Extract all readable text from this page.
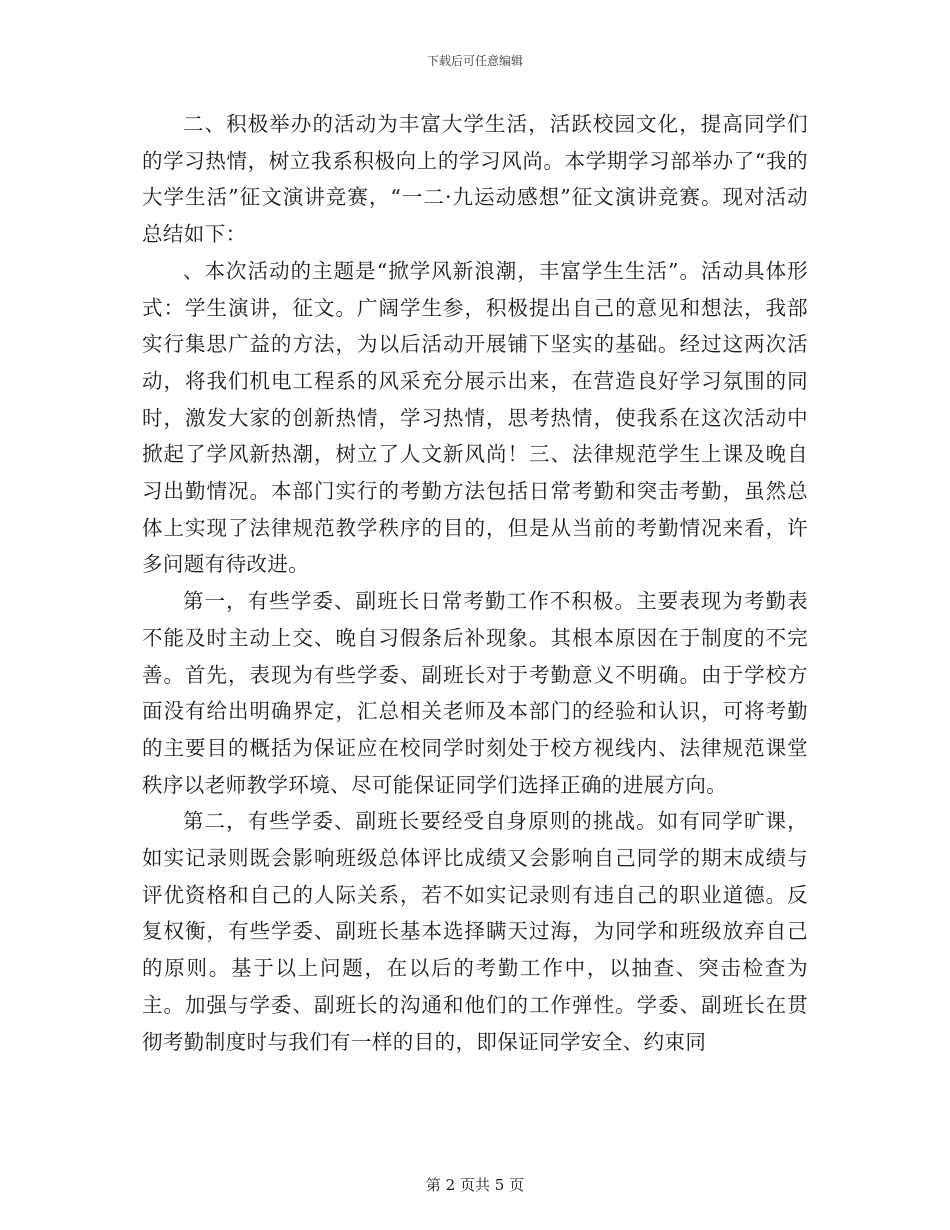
下载后可任意编辑

二、积极举办的活动为丰富大学生活，活跃校园文化，提高同学们的学习热情，树立我系积极向上的学习风尚。本学期学习部举办了“我的大学生活”征文演讲竞赛，“一二·九运动感想”征文演讲竞赛。现对活动总结如下：

、本次活动的主题是“掀学风新浪潮，丰富学生生活”。活动具体形式：学生演讲，征文。广阔学生参，积极提出自己的意见和想法，我部实行集思广益的方法，为以后活动开展铺下坚实的基础。经过这两次活动，将我们机电工程系的风采充分展示出来，在营造良好学习氛围的同时，激发大家的创新热情，学习热情，思考热情，使我系在这次活动中掀起了学风新热潮，树立了人文新风尚！三、法律规范学生上课及晚自习出勤情况。本部门实行的考勤方法包括日常考勤和突击考勤，虽然总体上实现了法律规范教学秩序的目的，但是从当前的考勤情况来看，许多问题有待改进。

第一，有些学委、副班长日常考勤工作不积极。主要表现为考勤表不能及时主动上交、晚自习假条后补现象。其根本原因在于制度的不完善。首先，表现为有些学委、副班长对于考勤意义不明确。由于学校方面没有给出明确界定，汇总相关老师及本部门的经验和认识，可将考勤的主要目的概括为保证应在校同学时刻处于校方视线内、法律规范课堂秩序以老师教学环境、尽可能保证同学们选择正确的进展方向。

第二，有些学委、副班长要经受自身原则的挑战。如有同学旷课，如实记录则既会影响班级总体评比成绩又会影响自己同学的期末成绩与评优资格和自己的人际关系，若不如实记录则有违自己的职业道德。反复权衡，有些学委、副班长基本选择瞒天过海，为同学和班级放弃自己的原则。基于以上问题，在以后的考勤工作中，以抽查、突击检查为主。加强与学委、副班长的沟通和他们的工作弹性。学委、副班长在贯彻考勤制度时与我们有一样的目的，即保证同学安全、约束同

第 2 页共 5 页
